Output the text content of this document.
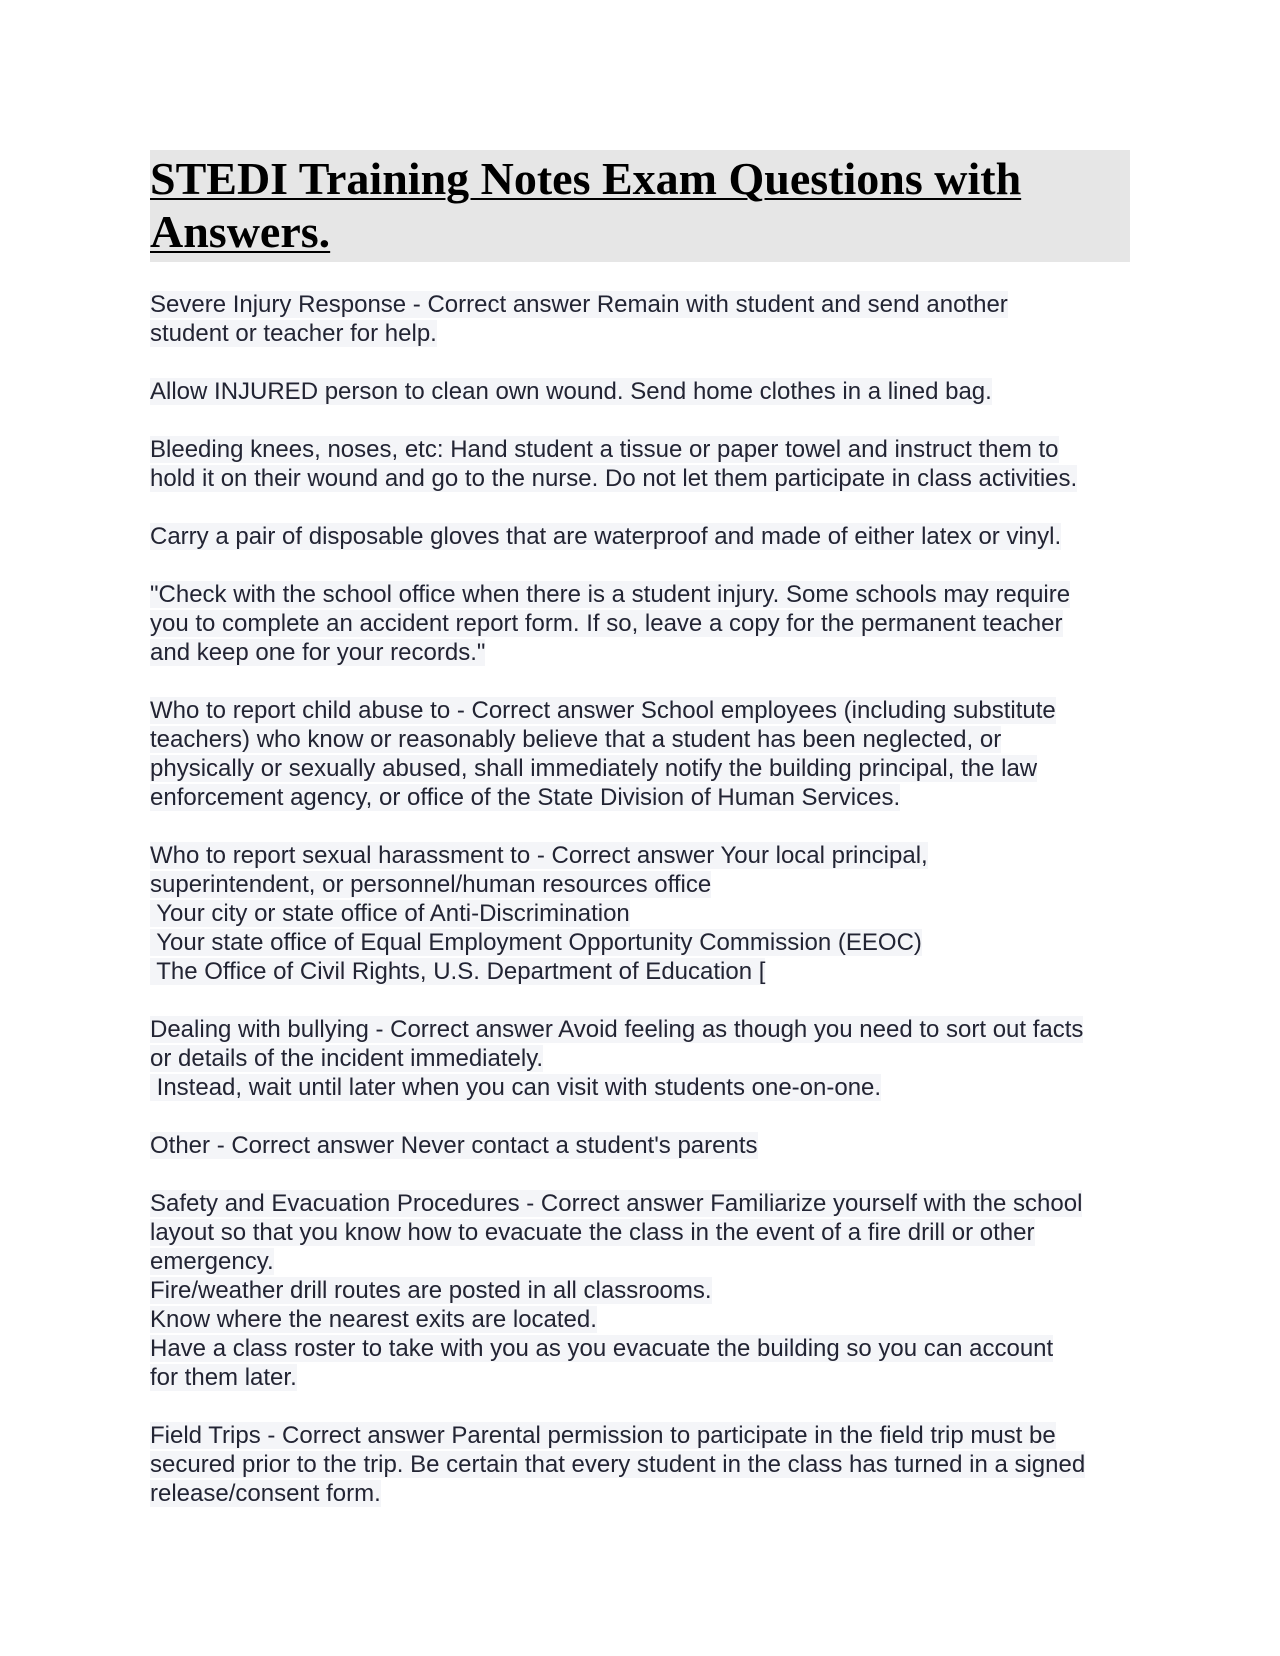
STEDI Training Notes Exam Questions with
Answers.
Severe Injury Response - Correct answer Remain with student and send another
student or teacher for help.
Allow INJURED person to clean own wound. Send home clothes in a lined bag.
Bleeding knees, noses, etc: Hand student a tissue or paper towel and instruct them to
hold it on their wound and go to the nurse. Do not let them participate in class activities.
Carry a pair of disposable gloves that are waterproof and made of either latex or vinyl.
"Check with the school office when there is a student injury. Some schools may require
you to complete an accident report form. If so, leave a copy for the permanent teacher
and keep one for your records."
Who to report child abuse to - Correct answer School employees (including substitute
teachers) who know or reasonably believe that a student has been neglected, or
physically or sexually abused, shall immediately notify the building principal, the law
enforcement agency, or office of the State Division of Human Services.
Who to report sexual harassment to - Correct answer Your local principal,
superintendent, or personnel/human resources office
Your city or state office of Anti-Discrimination
Your state office of Equal Employment Opportunity Commission (EEOC)
The Office of Civil Rights, U.S. Department of Education [
Dealing with bullying - Correct answer Avoid feeling as though you need to sort out facts
or details of the incident immediately.
Instead, wait until later when you can visit with students one-on-one.
Other - Correct answer Never contact a student's parents
Safety and Evacuation Procedures - Correct answer Familiarize yourself with the school
layout so that you know how to evacuate the class in the event of a fire drill or other
emergency.
Fire/weather drill routes are posted in all classrooms.
Know where the nearest exits are located.
Have a class roster to take with you as you evacuate the building so you can account
for them later.
Field Trips - Correct answer Parental permission to participate in the field trip must be
secured prior to the trip. Be certain that every student in the class has turned in a signed
release/consent form.
